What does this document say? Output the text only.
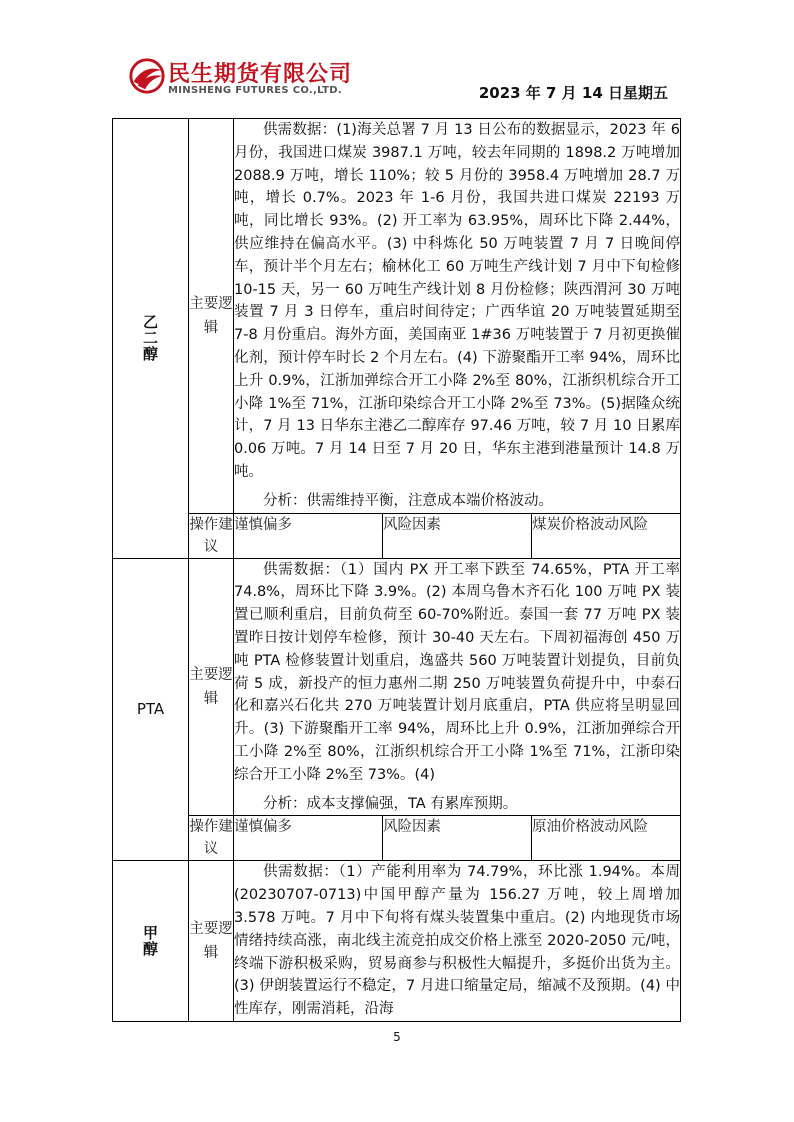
民生期货有限公司
MINSHENG FUTURES CO.,LTD.	2023 年 7 月 14 日星期五
乙二醇	主要逻辑	供需数据：(1)海关总署 7 月 13 日公布的数据显示，2023 年 6 月份，我国进口煤炭 3987.1 万吨，较去年同期的 1898.2 万吨增加 2088.9 万吨，增长 110%；较 5 月份的 3958.4 万吨增加 28.7 万吨，增长 0.7%。2023 年 1-6 月份，我国共进口煤炭 22193 万吨，同比增长 93%。(2) 开工率为 63.95%，周环比下降 2.44%，供应维持在偏高水平。(3) 中科炼化 50 万吨装置 7 月 7 日晚间停车，预计半个月左右；榆林化工 60 万吨生产线计划 7 月中下旬检修 10-15 天，另一 60 万吨生产线计划 8 月份检修；陕西渭河 30 万吨装置 7 月 3 日停车，重启时间待定；广西华谊 20 万吨装置延期至 7-8 月份重启。海外方面，美国南亚 1#36 万吨装置于 7 月初更换催化剂，预计停车时长 2 个月左右。(4) 下游聚酯开工率 94%，周环比上升 0.9%，江浙加弹综合开工小降 2%至 80%，江浙织机综合开工小降 1%至 71%，江浙印染综合开工小降 2%至 73%。(5)据隆众统计，7 月 13 日华东主港乙二醇库存 97.46 万吨，较 7 月 10 日累库 0.06 万吨。7 月 14 日至 7 月 20 日，华东主港到港量预计 14.8 万吨。

分析：供需维持平衡，注意成本端价格波动。		

	操作建议	谨慎偏多	风险因素	煤炭价格波动风险
PTA	主要逻辑	供需数据：（1）国内 PX 开工率下跌至 74.65%，PTA 开工率 74.8%，周环比下降 3.9%。(2) 本周乌鲁木齐石化 100 万吨 PX 装置已顺利重启，目前负荷至 60-70%附近。泰国一套 77 万吨 PX 装置昨日按计划停车检修，预计 30-40 天左右。下周初福海创 450 万吨 PTA 检修装置计划重启，逸盛共 560 万吨装置计划提负，目前负荷 5 成，新投产的恒力惠州二期 250 万吨装置负荷提升中，中泰石化和嘉兴石化共 270 万吨装置计划月底重启，PTA 供应将呈明显回升。(3) 下游聚酯开工率 94%，周环比上升 0.9%，江浙加弹综合开工小降 2%至 80%，江浙织机综合开工小降 1%至 71%，江浙印染综合开工小降 2%至 73%。(4)

分析：成本支撑偏强，TA 有累库预期。		

	操作建议	谨慎偏多	风险因素	原油价格波动风险
甲醇	主要逻辑	供需数据：（1）产能利用率为 74.79%，环比涨 1.94%。本周(20230707-0713)中国甲醇产量为 156.27 万吨，较上周增加 3.578 万吨。7 月中下旬将有煤头装置集中重启。(2) 内地现货市场情绪持续高涨，南北线主流竞拍成交价格上涨至 2020-2050 元/吨，终端下游积极采购，贸易商参与积极性大幅提升，多挺价出货为主。(3) 伊朗装置运行不稳定，7 月进口缩量定局，缩减不及预期。(4) 中性库存，刚需消耗，沿海		

5
